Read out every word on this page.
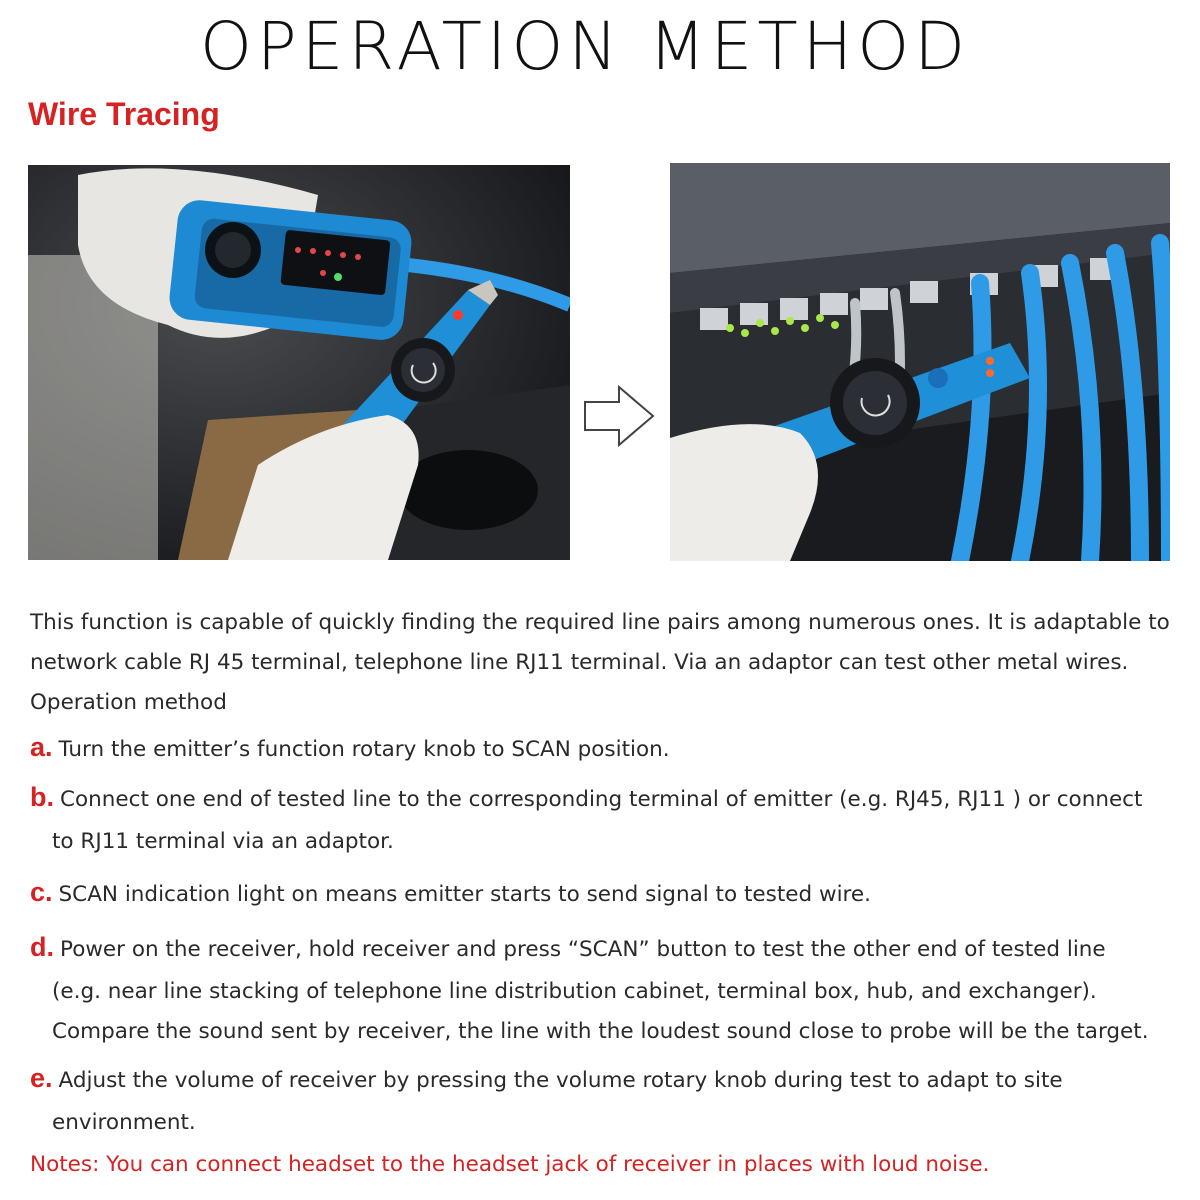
OPERATION METHOD
Wire Tracing
This function is capable of quickly finding the required line pairs among numerous ones. It is adaptable to network cable RJ 45 terminal, telephone line RJ11 terminal. Via an adaptor can test other metal wires.
Operation method
a. Turn the emitter’s function rotary knob to SCAN position.
b. Connect one end of tested line to the corresponding terminal of emitter (e.g. RJ45, RJ11 ) or connect
to RJ11 terminal via an adaptor.
c. SCAN indication light on means emitter starts to send signal to tested wire.
d. Power on the receiver, hold receiver and press “SCAN” button to test the other end of tested line
(e.g. near line stacking of telephone line distribution cabinet, terminal box, hub, and exchanger).
Compare the sound sent by receiver, the line with the loudest sound close to probe will be the target.
e. Adjust the volume of receiver by pressing the volume rotary knob during test to adapt to site
environment.
Notes: You can connect headset to the headset jack of receiver in places with loud noise.
